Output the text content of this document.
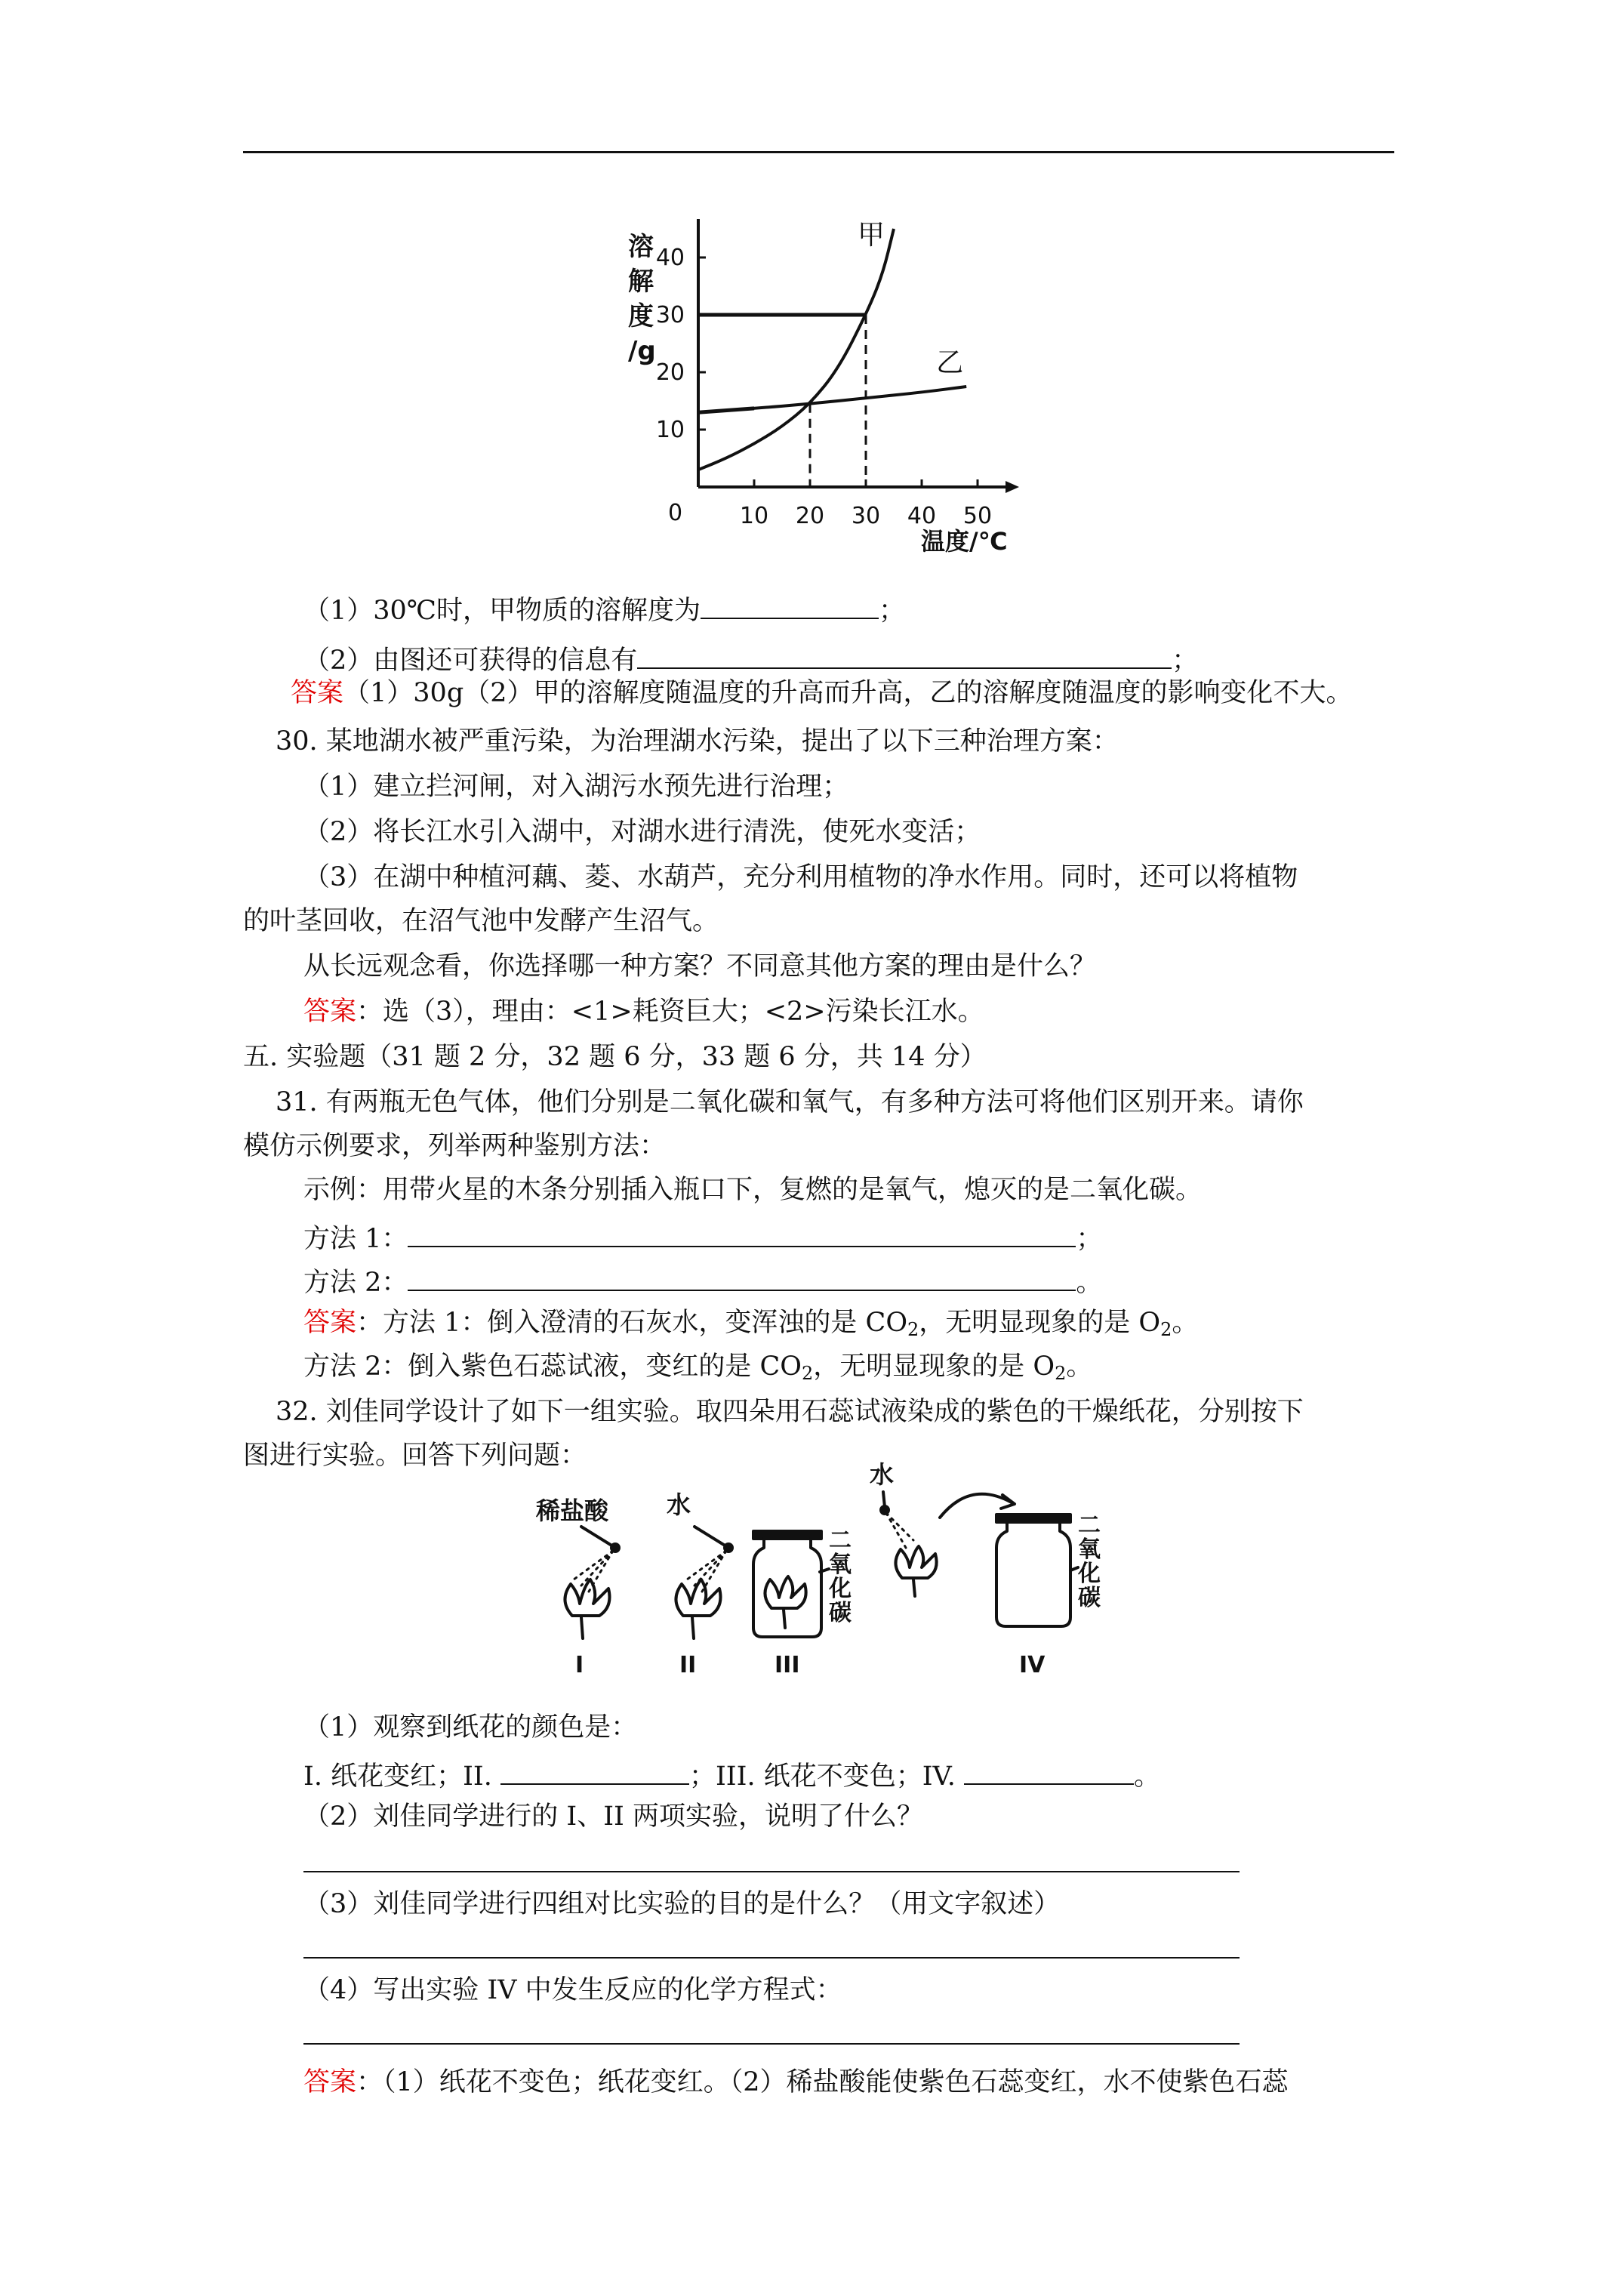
10 20 30 40 50
10
20
30
40
0
溶
解
度
/g
温度/℃
甲
乙
（1）30℃时，甲物质的溶解度为	；
（2）由图还可获得的信息有	；
答案（1）30g（2）甲的溶解度随温度的升高而升高，乙的溶解度随温度的影响变化不大。
30. 某地湖水被严重污染，为治理湖水污染，提出了以下三种治理方案：
（1）建立拦河闸，对入湖污水预先进行治理；
（2）将长江水引入湖中，对湖水进行清洗，使死水变活；
（3）在湖中种植河藕、菱、水葫芦，充分利用植物的净水作用。同时，还可以将植物
的叶茎回收，在沼气池中发酵产生沼气。
从长远观念看，你选择哪一种方案？不同意其他方案的理由是什么？
答案：选（3），理由：<1>耗资巨大；<2>污染长江水。
五. 实验题（31 题 2 分，32 题 6 分，33 题 6 分，共 14 分）
31. 有两瓶无色气体，他们分别是二氧化碳和氧气，有多种方法可将他们区别开来。请你
模仿示例要求，列举两种鉴别方法：
示例：用带火星的木条分别插入瓶口下，复燃的是氧气，熄灭的是二氧化碳。
方法 1：	；
方法 2：	。
答案：方法 1：倒入澄清的石灰水，变浑浊的是 $CO_2$，无明显现象的是 $O_2$。
方法 2：倒入紫色石蕊试液，变红的是 $CO_2$，无明显现象的是 $O_2$。
32. 刘佳同学设计了如下一组实验。取四朵用石蕊试液染成的紫色的干燥纸花，分别按下
图进行实验。回答下列问题：
稀盐酸
I
水
II
二
氧
化
碳
III
水
二
氧
化
碳
IV
（1）观察到纸花的颜色是：
I. 纸花变红；II.	；III. 纸花不变色；IV.	。
（2）刘佳同学进行的 I、II 两项实验，说明了什么？
（3）刘佳同学进行四组对比实验的目的是什么？（用文字叙述）
（4）写出实验 IV 中发生反应的化学方程式：
答案：（1）纸花不变色；纸花变红。（2）稀盐酸能使紫色石蕊变红，水不使紫色石蕊
